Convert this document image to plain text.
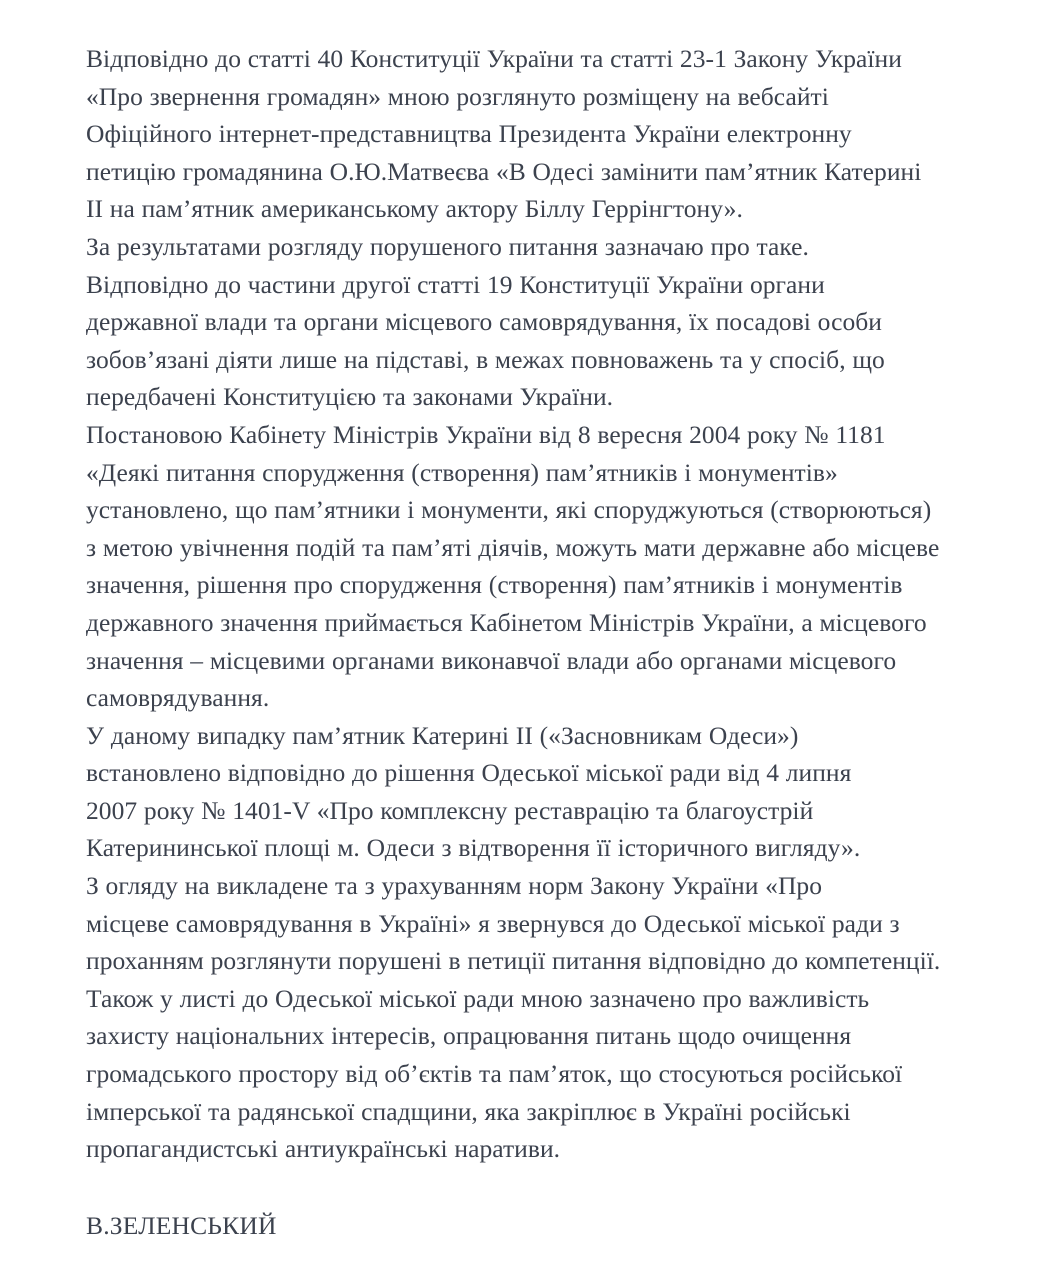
Відповідно до статті 40 Конституції України та статті 23-1 Закону України
«Про звернення громадян» мною розглянуто розміщену на вебсайті
Офіційного інтернет-представництва Президента України електронну
петицію громадянина О.Ю.Матвеєва «В Одесі замінити пам’ятник Катерині
II на пам’ятник американському актору Біллу Геррінгтону».
За результатами розгляду порушеного питання зазначаю про таке.
Відповідно до частини другої статті 19 Конституції України органи
державної влади та органи місцевого самоврядування, їх посадові особи
зобов’язані діяти лише на підставі, в межах повноважень та у спосіб, що
передбачені Конституцією та законами України.
Постановою Кабінету Міністрів України від 8 вересня 2004 року № 1181
«Деякі питання спорудження (створення) пам’ятників і монументів»
установлено, що пам’ятники і монументи, які споруджуються (створюються)
з метою увічнення подій та пам’яті діячів, можуть мати державне або місцеве
значення, рішення про спорудження (створення) пам’ятників і монументів
державного значення приймається Кабінетом Міністрів України, а місцевого
значення – місцевими органами виконавчої влади або органами місцевого
самоврядування.
У даному випадку пам’ятник Катерині II («Засновникам Одеси»)
встановлено відповідно до рішення Одеської міської ради від 4 липня
2007 року № 1401-V «Про комплексну реставрацію та благоустрій
Катерининської площі м. Одеси з відтворення її історичного вигляду».
З огляду на викладене та з урахуванням норм Закону України «Про
місцеве самоврядування в Україні» я звернувся до Одеської міської ради з
проханням розглянути порушені в петиції питання відповідно до компетенції.
Також у листі до Одеської міської ради мною зазначено про важливість
захисту національних інтересів, опрацювання питань щодо очищення
громадського простору від об’єктів та пам’яток, що стосуються російської
імперської та радянської спадщини, яка закріплює в Україні російські
пропагандистські антиукраїнські наративи.
В.ЗЕЛЕНСЬКИЙ
